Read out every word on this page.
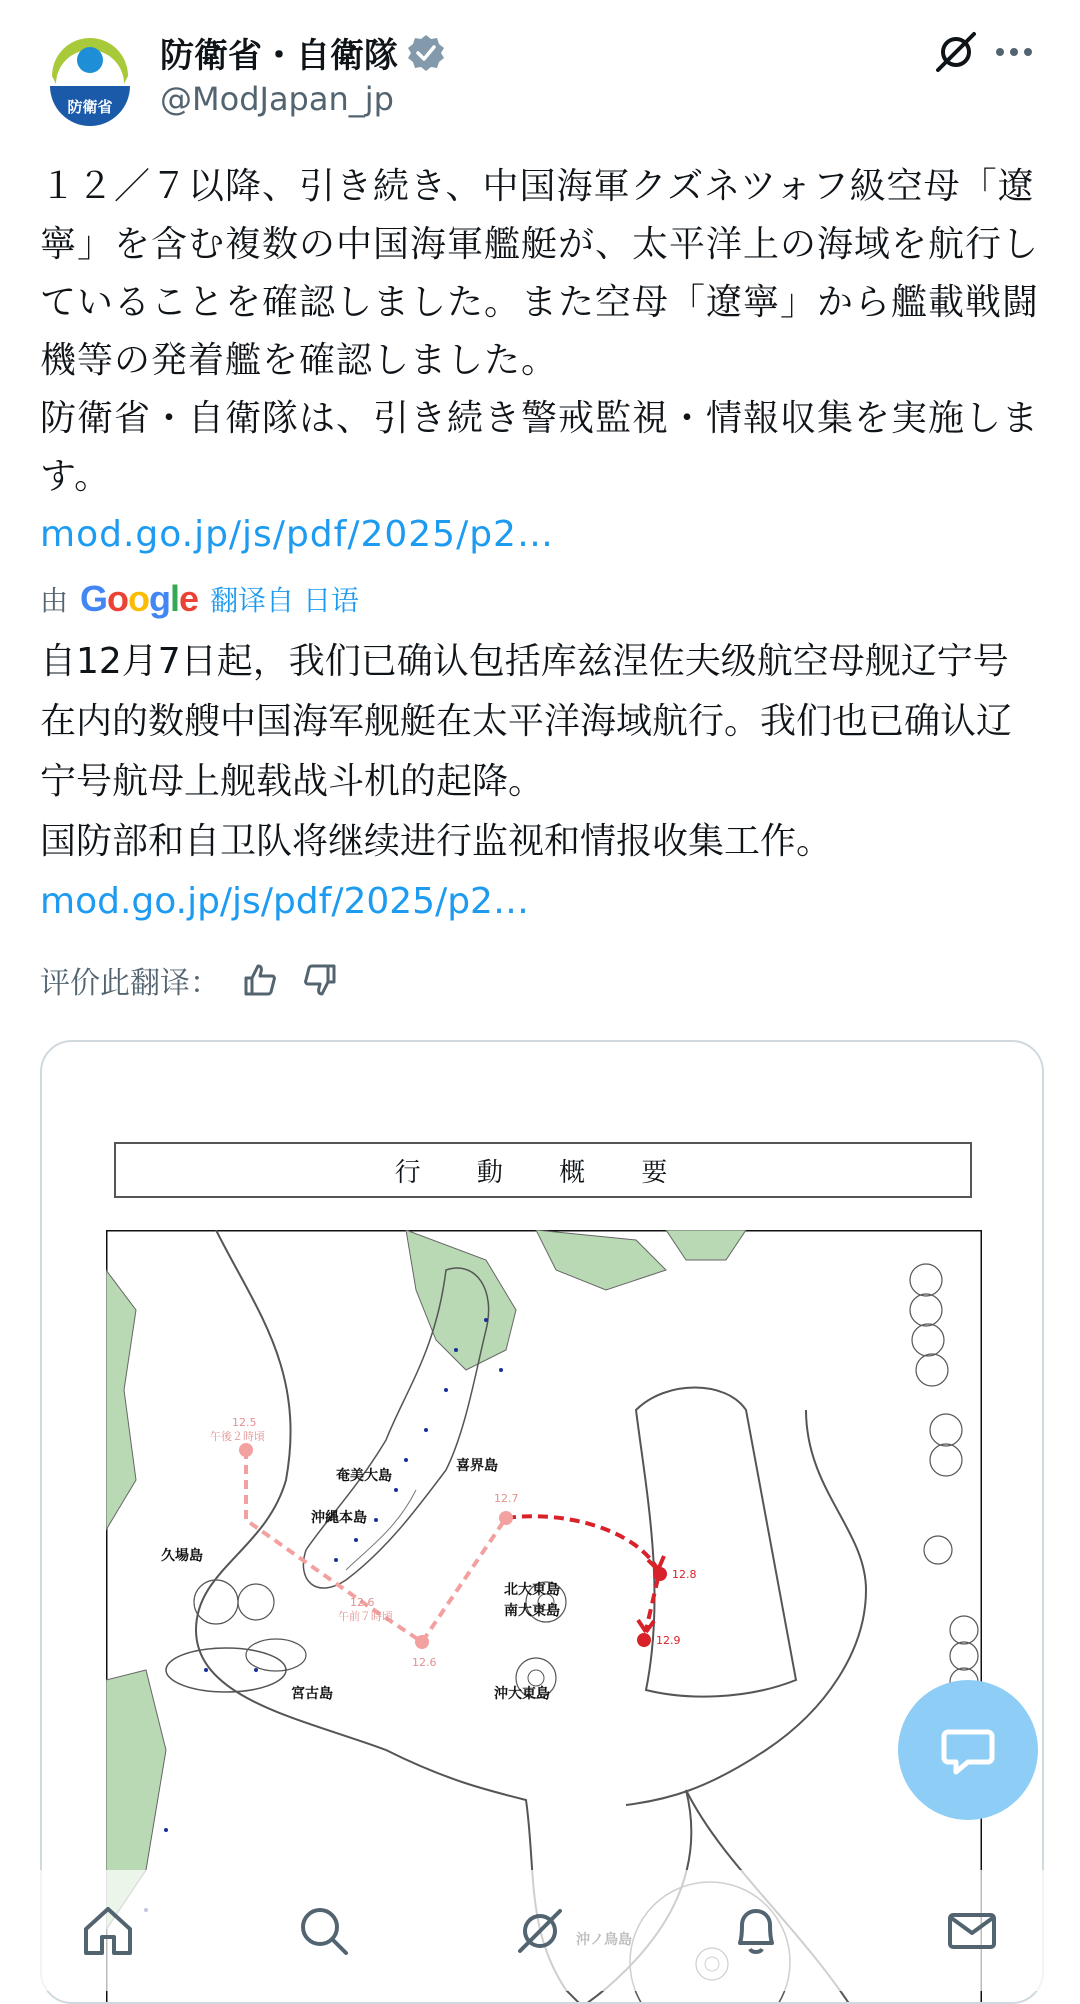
防衛省
防衛省・自衛隊
@ModJapan_jp

１２／７以降、引き続き、中国海軍クズネツォフ級空母「遼寧」を含む複数の中国海軍艦艇が、太平洋上の海域を航行していることを確認しました。また空母「遼寧」から艦載戦闘機等の発着艦を確認しました。

防衛省・自衛隊は、引き続き警戒監視・情報収集を実施します。

mod.go.jp/js/pdf/2025/p2…
由 Google 翻译自 日语

自12月7日起，我们已确认包括库兹涅佐夫级航空母舰辽宁号在内的数艘中国海军舰艇在太平洋海域航行。我们也已确认辽宁号航母上舰载战斗机的起降。

国防部和自卫队将继续进行监视和情报收集工作。

mod.go.jp/js/pdf/2025/p2…
评价此翻译：
行 動 概 要
奄美大島
喜界島
沖縄本島
久場島
宮古島
北大東島
南大東島
沖大東島
12.5
午後２時頃
12.6
午前７時頃
12.6
12.7
12.8
12.9
